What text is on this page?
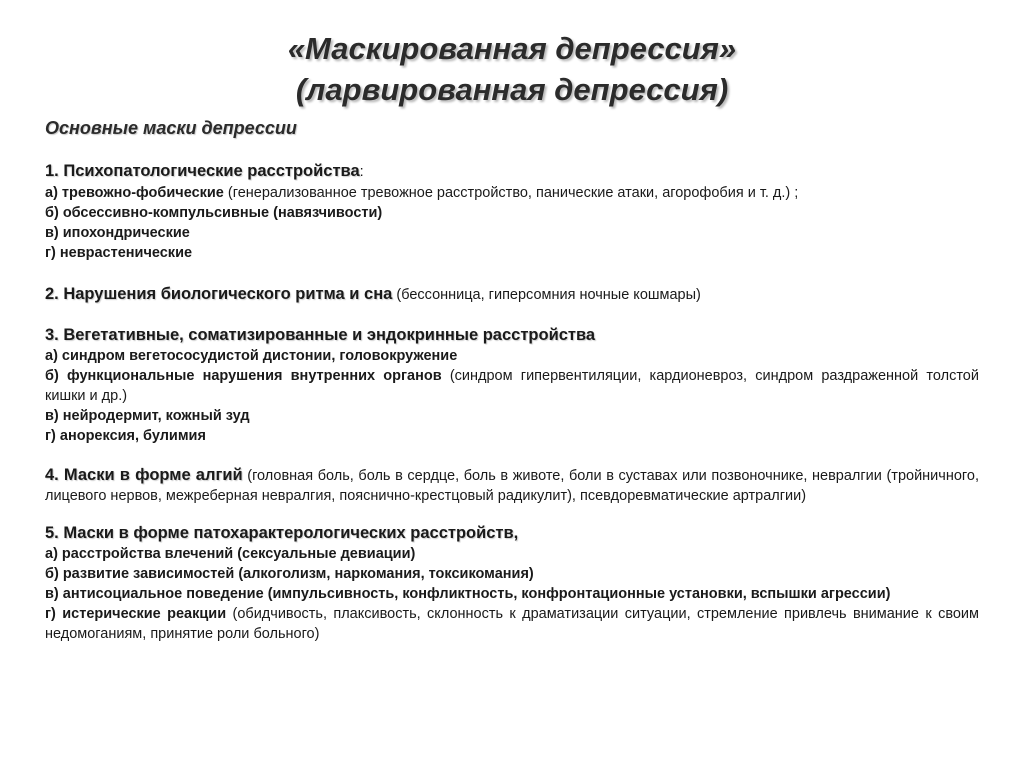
«Маскированная депрессия»
(ларвированная депрессия)
Основные маски депрессии
1. Психопатологические расстройства:
а) тревожно-фобические (генерализованное тревожное расстройство, панические атаки, агорофобия и т. д.) ;
б) обсессивно-компульсивные (навязчивости)
в) ипохондрические
г) неврастенические
2. Нарушения биологического ритма и сна (бессонница, гиперсомния ночные кошмары)
3. Вегетативные, соматизированные и эндокринные расстройства
а) синдром вегетососудистой дистонии, головокружение
б) функциональные нарушения внутренних органов (синдром гипервентиляции, кардионевроз, синдром раздраженной толстой кишки и др.)
в) нейродермит, кожный зуд
г) анорексия, булимия
4. Маски в форме алгий (головная боль, боль в сердце, боль в животе, боли в суставах или позвоночнике, невралгии (тройничного, лицевого нервов, межреберная невралгия, пояснично-крестцовый радикулит), псевдоревматические артралгии)
5. Маски в форме патохарактерологических расстройств,
а) расстройства влечений (сексуальные девиации)
б) развитие зависимостей (алкоголизм, наркомания, токсикомания)
в) антисоциальное поведение (импульсивность, конфликтность, конфронтационные установки, вспышки агрессии)
г) истерические реакции (обидчивость, плаксивость, склонность к драматизации ситуации, стремление привлечь внимание к своим недомоганиям, принятие роли больного)
